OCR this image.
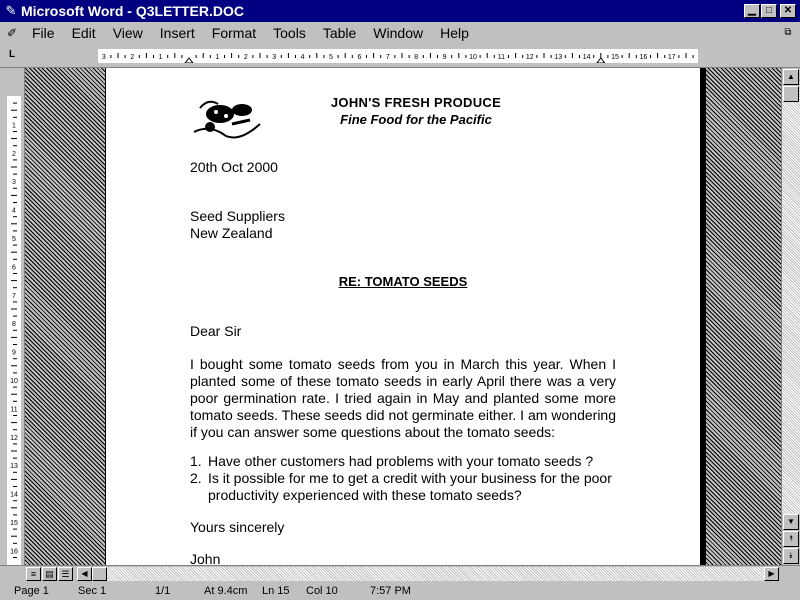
✎ Microsoft Word - Q3LETTER.DOC	▁	□	✕
✐ File Edit View Insert Format Tools Table Window Help	⧉
L	3	2	1	1	2	3	4	5	6	7	8	9	10	11	12	13	14	15	16	17
1
2
3
4
5
6
7
8
9
10
11
12
13
14
15
16
JOHN'S FRESH PRODUCE
Fine Food for the Pacific
20th Oct 2000
Seed Suppliers
New Zealand
RE: TOMATO SEEDS
Dear Sir
I bought some tomato seeds from you in March this year. When I planted some of these tomato seeds in early April there was a very poor germination rate. I tried again in May and planted some more tomato seeds. These seeds did not germinate either. I am wondering if you can answer some questions about the tomato seeds:
1. Have other customers had problems with your tomato seeds ?
2. Is it possible for me to get a credit with your business for the poor productivity experienced with these tomato seeds?
Yours sincerely
John
▲
▼
⯭
⯯
≡	▤ ☰	◀	▶
Page 1	Sec 1	1/1	At 9.4cm Ln 15 Col 10	7:57 PM
